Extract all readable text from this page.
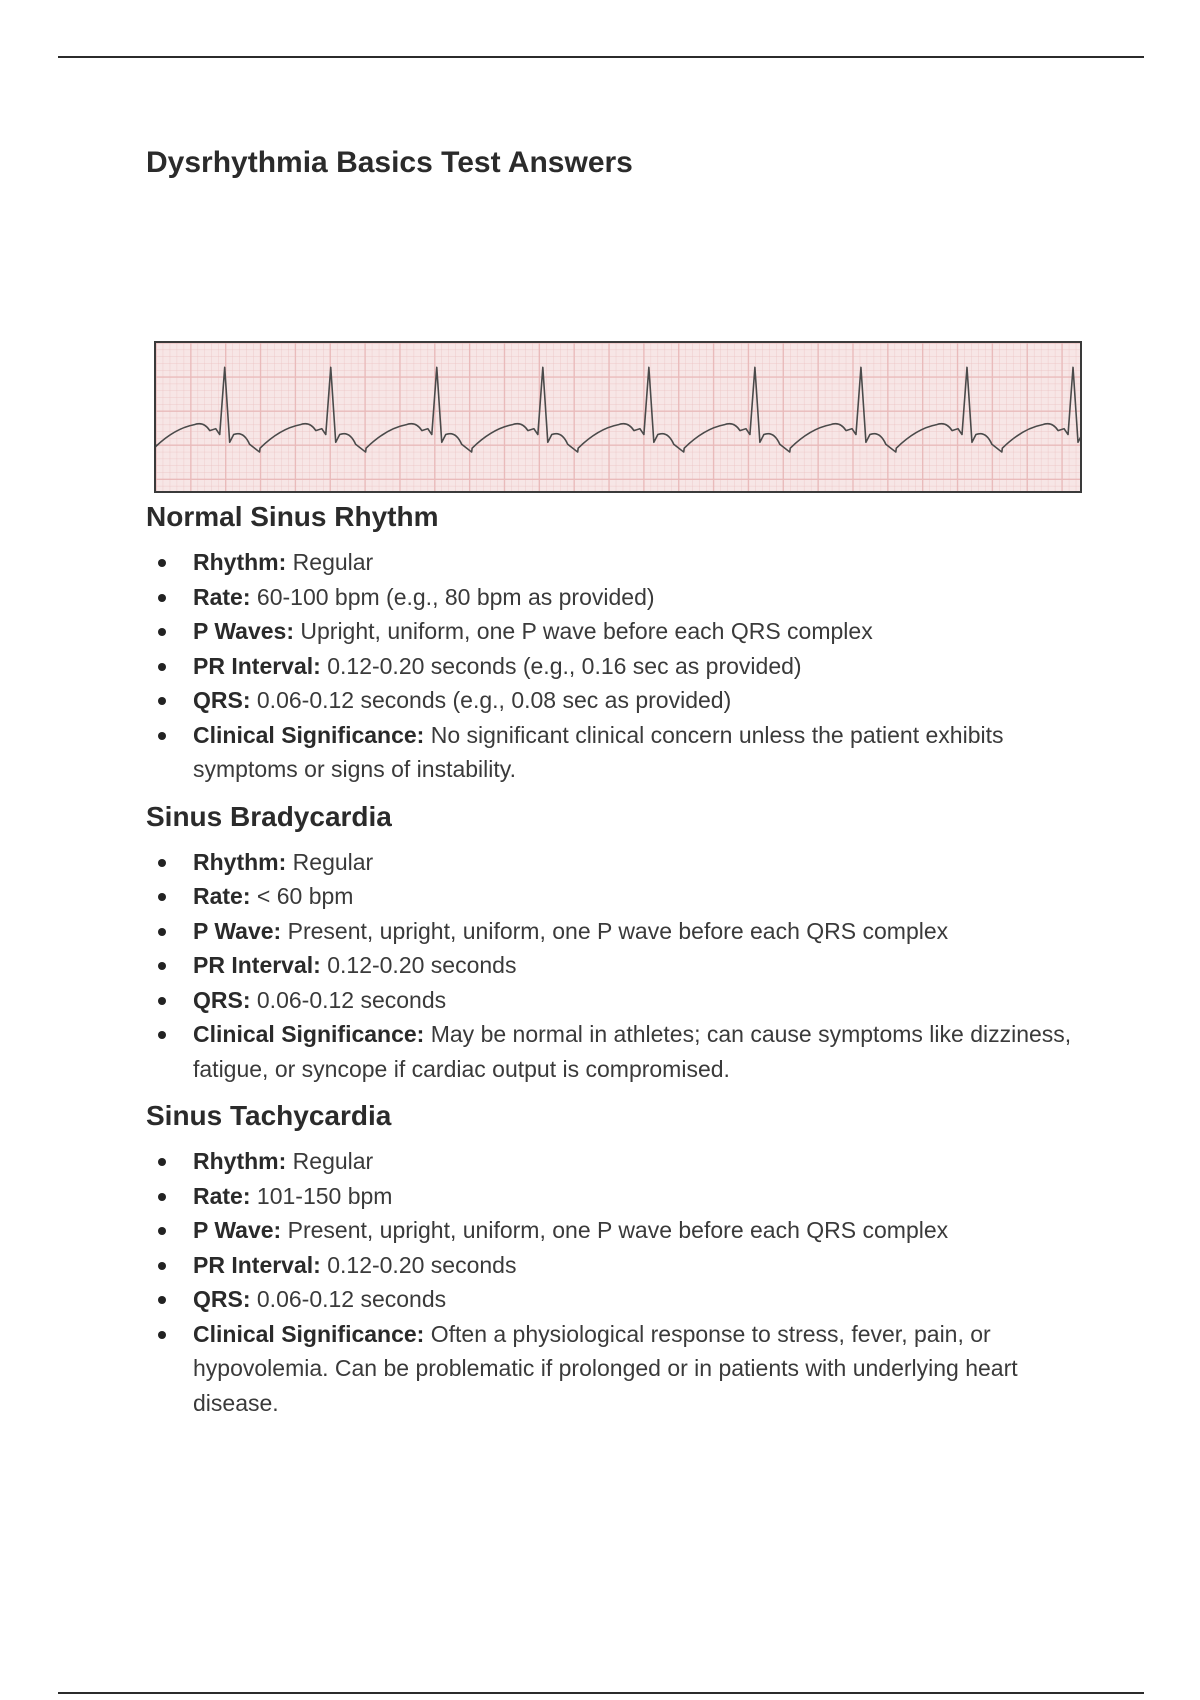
Dysrhythmia Basics Test Answers
Normal Sinus Rhythm
Rhythm: Regular
Rate: 60-100 bpm (e.g., 80 bpm as provided)
P Waves: Upright, uniform, one P wave before each QRS complex
PR Interval: 0.12-0.20 seconds (e.g., 0.16 sec as provided)
QRS: 0.06-0.12 seconds (e.g., 0.08 sec as provided)
Clinical Significance: No significant clinical concern unless the patient exhibits symptoms or signs of instability.
Sinus Bradycardia
Rhythm: Regular
Rate: < 60 bpm
P Wave: Present, upright, uniform, one P wave before each QRS complex
PR Interval: 0.12-0.20 seconds
QRS: 0.06-0.12 seconds
Clinical Significance: May be normal in athletes; can cause symptoms like dizziness, fatigue, or syncope if cardiac output is compromised.
Sinus Tachycardia
Rhythm: Regular
Rate: 101-150 bpm
P Wave: Present, upright, uniform, one P wave before each QRS complex
PR Interval: 0.12-0.20 seconds
QRS: 0.06-0.12 seconds
Clinical Significance: Often a physiological response to stress, fever, pain, or hypovolemia. Can be problematic if prolonged or in patients with underlying heart disease.
